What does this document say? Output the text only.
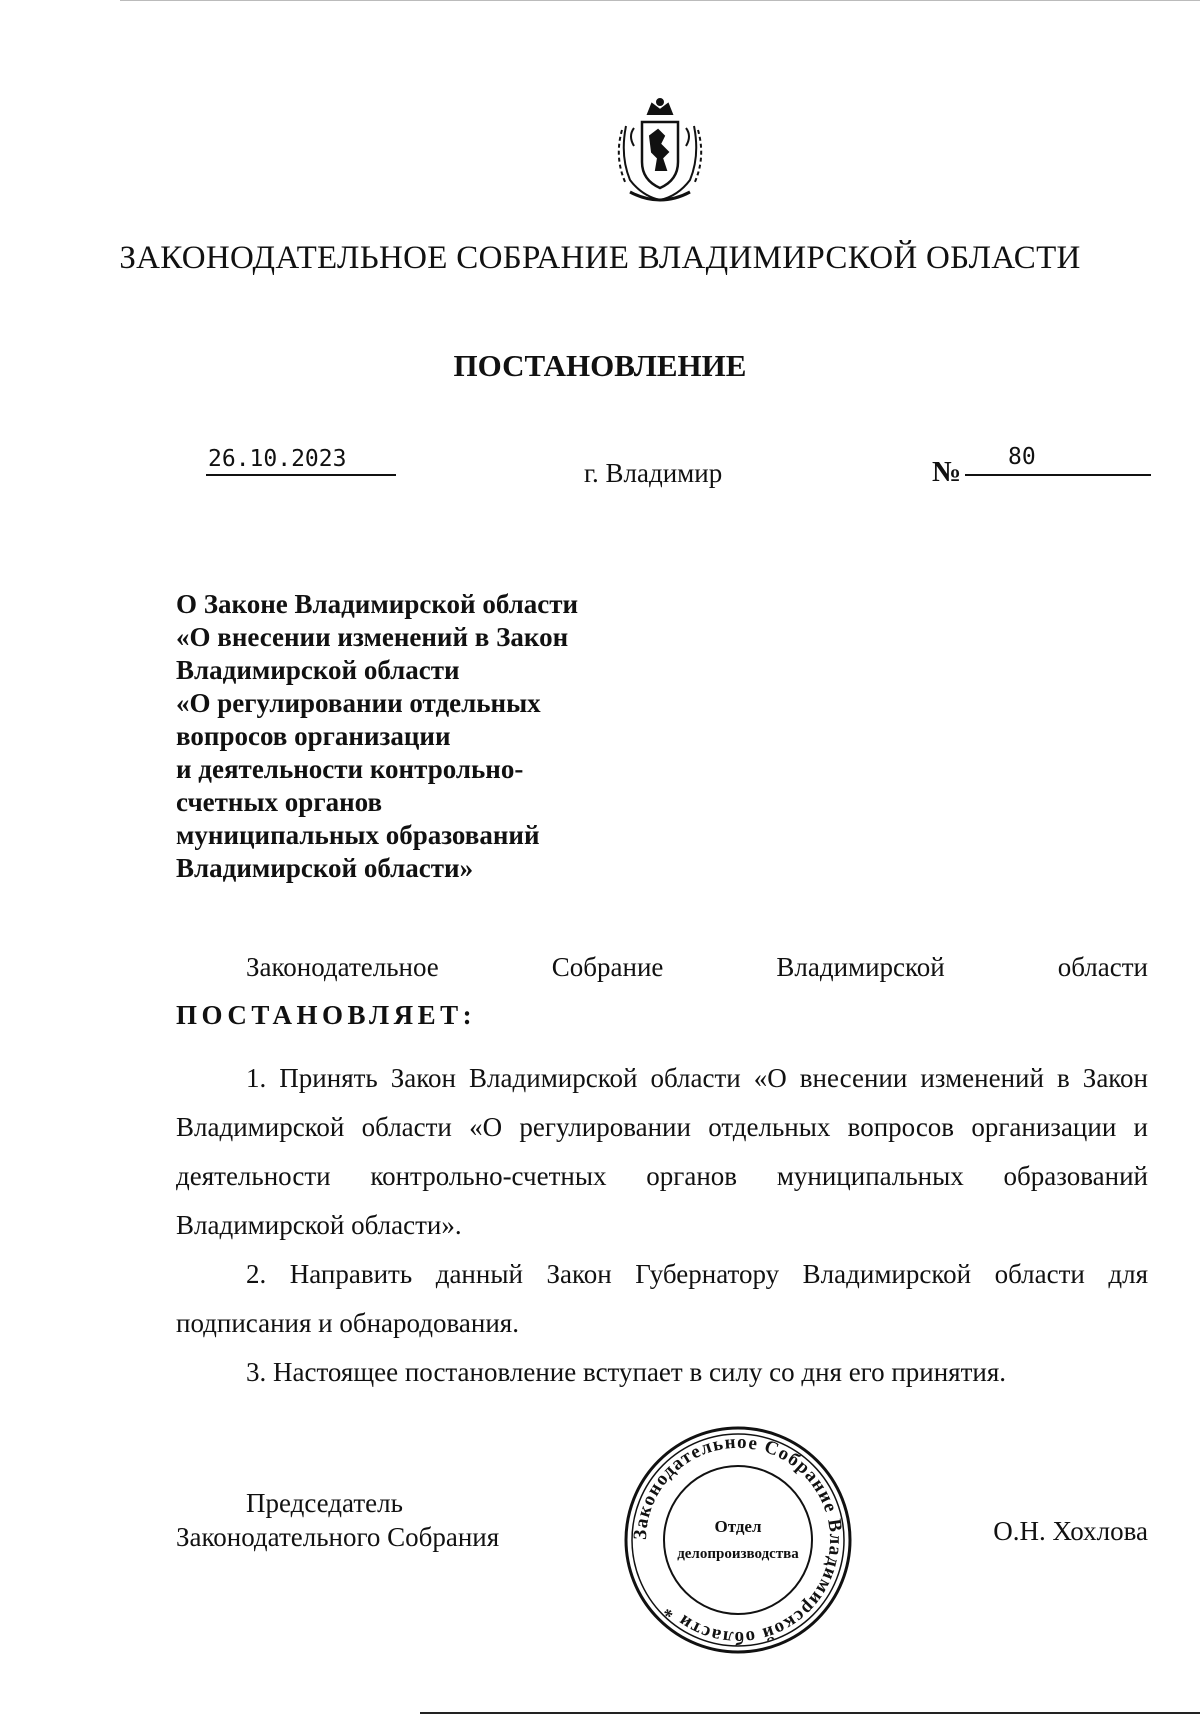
ЗАКОНОДАТЕЛЬНОЕ СОБРАНИЕ ВЛАДИМИРСКОЙ ОБЛАСТИ
ПОСТАНОВЛЕНИЕ
26.10.2023	г. Владимир	№ 80
О Законе Владимирской области
«О внесении изменений в Закон
Владимирской области
«О регулировании отдельных
вопросов организации
и деятельности контрольно-
счетных органов
муниципальных образований
Владимирской области»
Законодательное	Собрание	Владимирской	области
ПОСТАНОВЛЯЕТ:
1. Принять Закон Владимирской области «О внесении изменений в Закон Владимирской области «О регулировании отдельных вопросов организации и деятельности контрольно-счетных органов муниципальных образований Владимирской области».
2. Направить данный Закон Губернатору Владимирской области для подписания и обнародования.
3. Настоящее постановление вступает в силу со дня его принятия.
Председатель
Законодательного Собрания	О.Н. Хохлова
Законодательное Собрание Владимирской области *
Отдел
делопроизводства
